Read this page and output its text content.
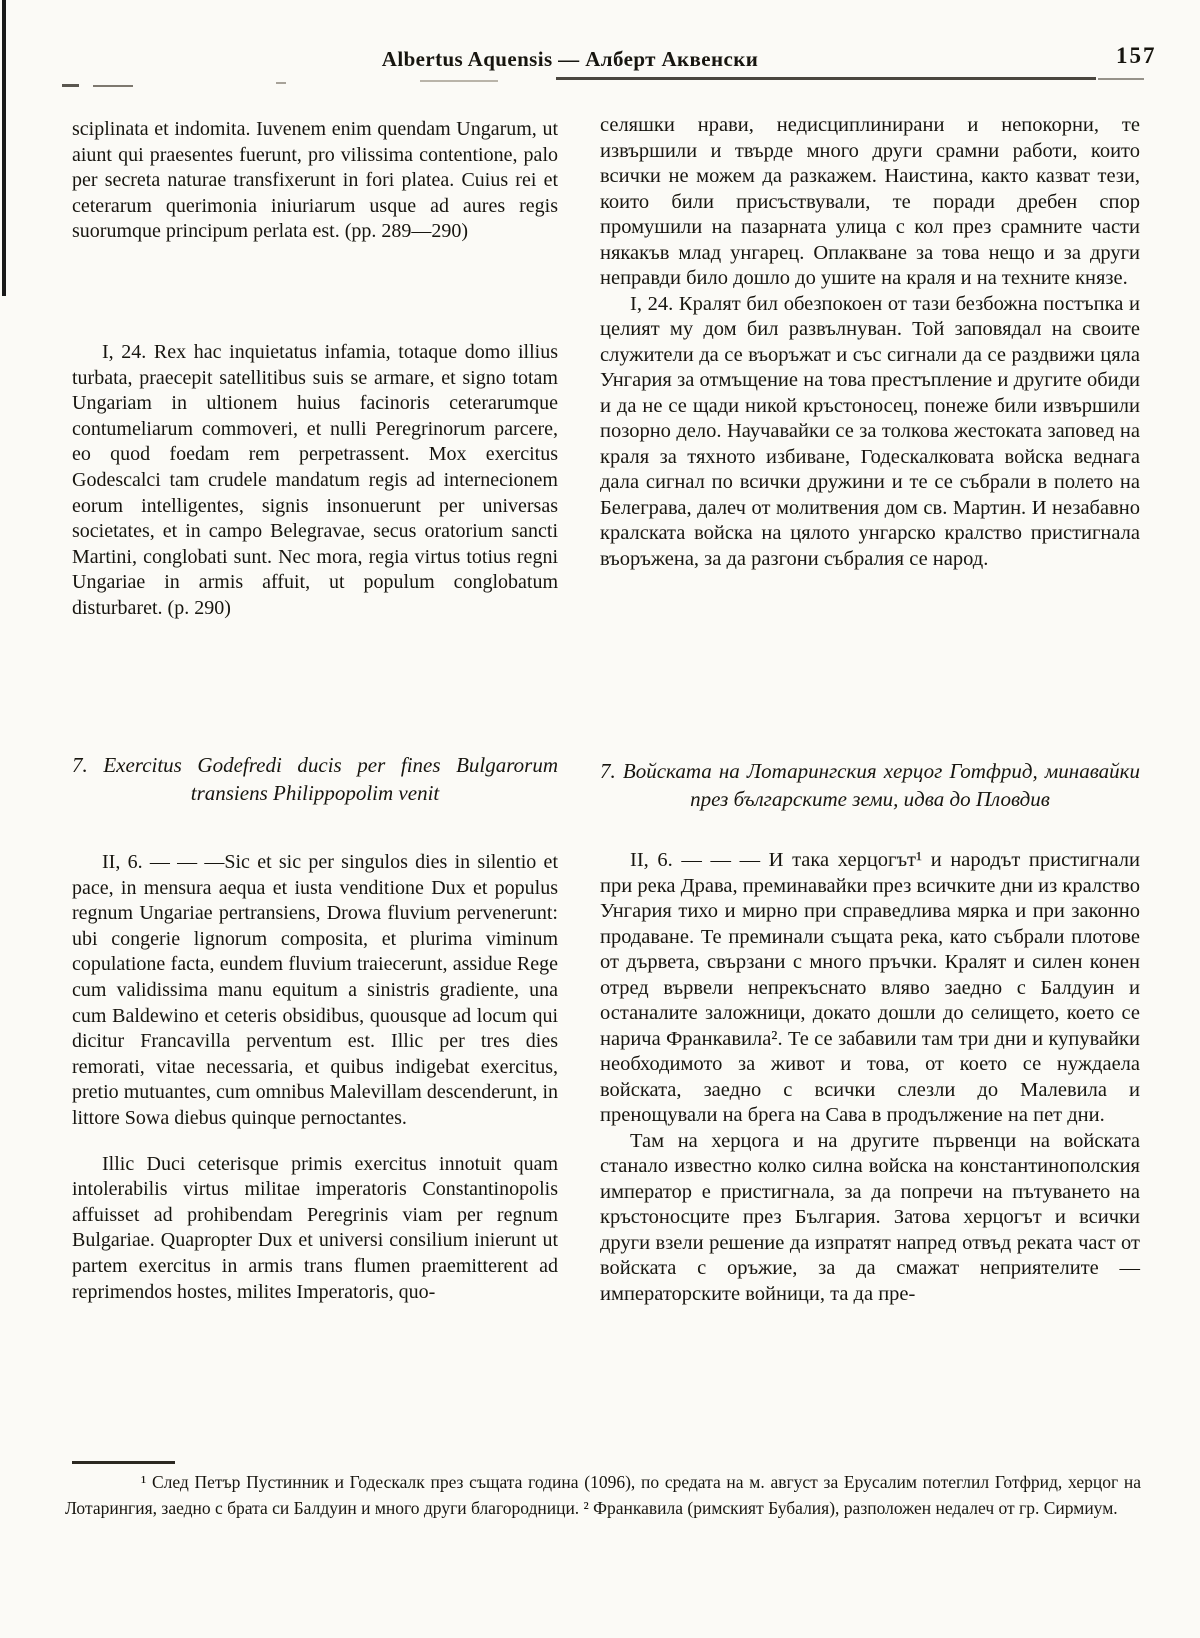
Albertus Aquensis — Алберт Аквенски	157

sciplinata et indomita. Iuvenem enim quendam Ungarum, ut aiunt qui praesentes fuerunt, pro vilissima contentione, palo per secreta naturae transfixerunt in fori platea. Cuius rei et ceterarum querimonia iniuriarum usque ad aures regis suorumque principum perlata est. (pp. 289—290)

I, 24. Rex hac inquietatus infamia, totaque domo illius turbata, praecepit satellitibus suis se armare, et signo totam Ungariam in ultionem huius facinoris ceterarumque contumeliarum commoveri, et nulli Peregrinorum parcere, eo quod foedam rem perpetrassent. Mox exercitus Godescalci tam crudele mandatum regis ad internecionem eorum intelligentes, signis insonuerunt per universas societates, et in campo Belegravae, secus oratorium sancti Martini, conglobati sunt. Nec mora, regia virtus totius regni Ungariae in armis affuit, ut populum conglobatum disturbaret. (p. 290)

7. Exercitus Godefredi ducis per fines Bulgarorum transiens Philippopolim venit

II, 6. — — —Sic et sic per singulos dies in silentio et pace, in mensura aequa et iusta venditione Dux et populus regnum Ungariae pertransiens, Drowa fluvium pervenerunt: ubi congerie lignorum composita, et plurima viminum copulatione facta, eundem fluvium traiecerunt, assidue Rege cum validissima manu equitum a sinistris gradiente, una cum Baldewino et ceteris obsidibus, quousque ad locum qui dicitur Francavilla perventum est. Illic per tres dies remorati, vitae necessaria, et quibus indigebat exercitus, pretio mutuantes, cum omnibus Malevillam descenderunt, in littore Sowa diebus quinque pernoctantes.

Illic Duci ceterisque primis exercitus innotuit quam intolerabilis virtus militae imperatoris Constantinopolis affuisset ad prohibendam Peregrinis viam per regnum Bulgariae. Quapropter Dux et universi consilium inierunt ut partem exercitus in armis trans flumen praemitterent ad reprimendos hostes, milites Imperatoris, quo-

селяшки нрави, недисциплинирани и непокорни, те извършили и твърде много други срамни работи, които всички не можем да разкажем. Наистина, както казват тези, които били присъствували, те поради дребен спор промушили на пазарната улица с кол през срамните части някакъв млад унгарец. Оплакване за това нещо и за други неправди било дошло до ушите на краля и на техните князе.

I, 24. Кралят бил обезпокоен от тази безбожна постъпка и целият му дом бил развълнуван. Той заповядал на своите служители да се въоръжат и със сигнали да се раздвижи цяла Унгария за отмъщение на това престъпление и другите обиди и да не се щади никой кръстоносец, понеже били извършили позорно дело. Научавайки се за толкова жестоката заповед на краля за тяхното избиване, Годескалковата войска веднага дала сигнал по всички дружини и те се събрали в полето на Белеграва, далеч от молитвения дом св. Мартин. И незабавно кралската войска на цялото унгарско кралство пристигнала въоръжена, за да разгони събралия се народ.

7. Войската на Лотарингския херцог Готфрид, минавайки през българските земи, идва до Пловдив

II, 6. — — — И така херцогът¹ и народът пристигнали при река Драва, преминавайки през всичките дни из кралство Унгария тихо и мирно при справедлива мярка и при законно продаване. Те преминали същата река, като събрали плотове от дървета, свързани с много пръчки. Кралят и силен конен отред вървели непрекъснато вляво заедно с Балдуин и останалите заложници, докато дошли до селището, което се нарича Франкавила². Те се забавили там три дни и купувайки необходимото за живот и това, от което се нуждаела войската, заедно с всички слезли до Малевила и пренощували на брега на Сава в продължение на пет дни.

Там на херцога и на другите първенци на войската станало известно колко силна войска на константинополския император е пристигнала, за да попречи на пътуването на кръстоносците през България. Затова херцогът и всички други взели решение да изпратят напред отвъд реката част от войската с оръжие, за да смажат неприятелите — императорските войници, та да пре-

¹ След Петър Пустинник и Годескалк през същата година (1096), по средата на м. август за Ерусалим потеглил Готфрид, херцог на Лотарингия, заедно с брата си Балдуин и много други благородници. ² Франкавила (римският Бубалия), разположен недалеч от гр. Сирмиум.
